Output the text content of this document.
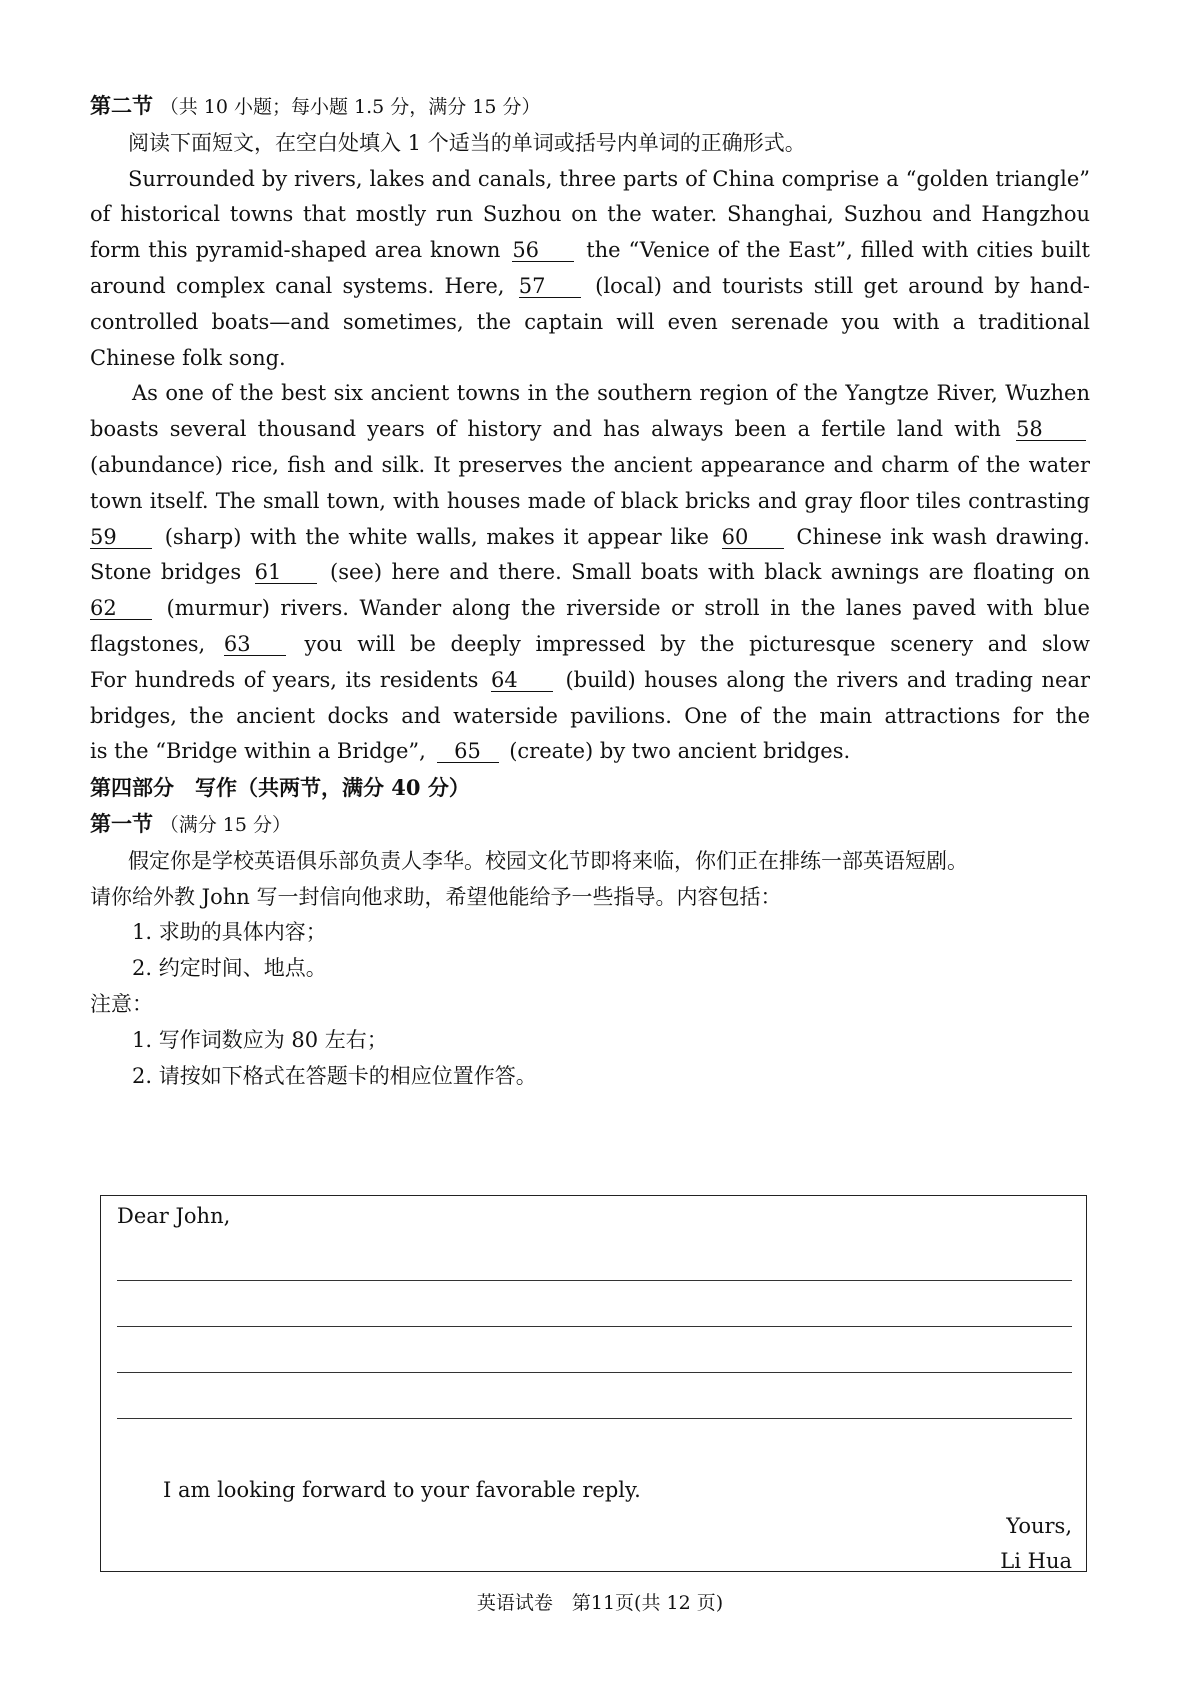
第二节 （共 10 小题；每小题 1.5 分，满分 15 分）
阅读下面短文，在空白处填入 1 个适当的单词或括号内单词的正确形式。
Surrounded by rivers, lakes and canals, three parts of China comprise a “golden triangle”
of historical towns that mostly run Suzhou on the water. Shanghai, Suzhou and Hangzhou
form this pyramid-shaped area known 56 the “Venice of the East”, filled with cities built
around complex canal systems. Here, 57 (local) and tourists still get around by hand-
controlled boats—and sometimes, the captain will even serenade you with a traditional
Chinese folk song.
As one of the best six ancient towns in the southern region of the Yangtze River, Wuzhen
boasts several thousand years of history and has always been a fertile land with 58
(abundance) rice, fish and silk. It preserves the ancient appearance and charm of the water
town itself. The small town, with houses made of black bricks and gray floor tiles contrasting
59 (sharp) with the white walls, makes it appear like 60 Chinese ink wash drawing.
Stone bridges 61 (see) here and there. Small boats with black awnings are floating on
62 (murmur) rivers. Wander along the riverside or stroll in the lanes paved with blue
flagstones, 63	you will be deeply impressed by the picturesque scenery and slow
For hundreds of years, its residents 64 (build) houses along the rivers and trading near
bridges, the ancient docks and waterside pavilions. One of the main attractions for the
is the “Bridge within a Bridge”, 65 (create) by two ancient bridges.
第四部分　写作（共两节，满分 40 分）
第一节 （满分 15 分）
假定你是学校英语俱乐部负责人李华。校园文化节即将来临，你们正在排练一部英语短剧。
请你给外教 John 写一封信向他求助，希望他能给予一些指导。内容包括：
1. 求助的具体内容；
2. 约定时间、地点。
注意：
1. 写作词数应为 80 左右；
2. 请按如下格式在答题卡的相应位置作答。
Dear John,
I am looking forward to your favorable reply.
Yours,
Li Hua
英语试卷　第11页(共 12 页)
